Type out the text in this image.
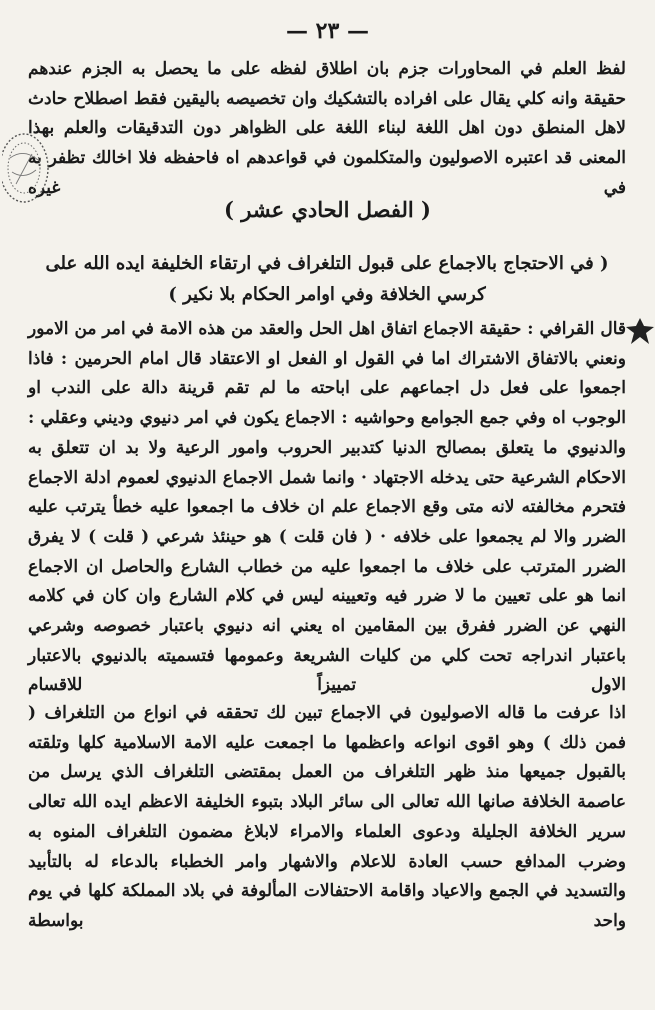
— ٢٣ —
لفظ العلم في المحاورات جزم بان اطلاق لفظه على ما يحصل به الجزم عندهم حقيقة وانه كلي يقال على افراده بالتشكيك وان تخصيصه باليقين فقط اصطلاح حادث لاهل المنطق دون اهل اللغة لبناء اللغة على الظواهر دون التدقيقات والعلم بهذا المعنى قد اعتبره الاصوليون والمتكلمون في قواعدهم اه فاحفظه فلا اخالك تظفر به في غيره
( الفصل الحادي عشر )
( في الاحتجاج بالاجماع على قبول التلغراف في ارتقاء الخليفة ايده الله على كرسي الخلافة وفي اوامر الحكام بلا نكير )
قال القرافي : حقيقة الاجماع اتفاق اهل الحل والعقد من هذه الامة في امر من الامور ونعني بالاتفاق الاشتراك اما في القول او الفعل او الاعتقاد قال امام الحرمين : فاذا اجمعوا على فعل دل اجماعهم على اباحته ما لم تقم قرينة دالة على الندب او الوجوب اه وفي جمع الجوامع وحواشيه : الاجماع يكون في امر دنيوي وديني وعقلي : والدنيوي ما يتعلق بمصالح الدنيا كتدبير الحروب وامور الرعية ولا بد ان تتعلق به الاحكام الشرعية حتى يدخله الاجتهاد · وانما شمل الاجماع الدنيوي لعموم ادلة الاجماع فتحرم مخالفته لانه متى وقع الاجماع علم ان خلاف ما اجمعوا عليه خطأ يترتب عليه الضرر والا لم يجمعوا على خلافه · ( فان قلت ) هو حينئذ شرعي ( قلت ) لا يفرق الضرر المترتب على خلاف ما اجمعوا عليه من خطاب الشارع والحاصل ان الاجماع انما هو على تعيين ما لا ضرر فيه وتعيينه ليس في كلام الشارع وان كان في كلامه النهي عن الضرر ففرق بين المقامين اه يعني انه دنيوي باعتبار خصوصه وشرعي باعتبار اندراجه تحت كلي من كليات الشريعة وعمومها فتسميته بالدنيوي بالاعتبار الاول تمييزاً للاقسام
اذا عرفت ما قاله الاصوليون في الاجماع تبين لك تحققه في انواع من التلغراف ( فمن ذلك ) وهو اقوى انواعه واعظمها ما اجمعت عليه الامة الاسلامية كلها وتلقته بالقبول جميعها منذ ظهر التلغراف من العمل بمقتضى التلغراف الذي يرسل من عاصمة الخلافة صانها الله تعالى الى سائر البلاد بتبوء الخليفة الاعظم ايده الله تعالى سرير الخلافة الجليلة ودعوى العلماء والامراء لابلاغ مضمون التلغراف المنوه به وضرب المدافع حسب العادة للاعلام والاشهار وامر الخطباء بالدعاء له بالتأبيد والتسديد في الجمع والاعياد واقامة الاحتفالات المألوفة في بلاد المملكة كلها في يوم واحد بواسطة
